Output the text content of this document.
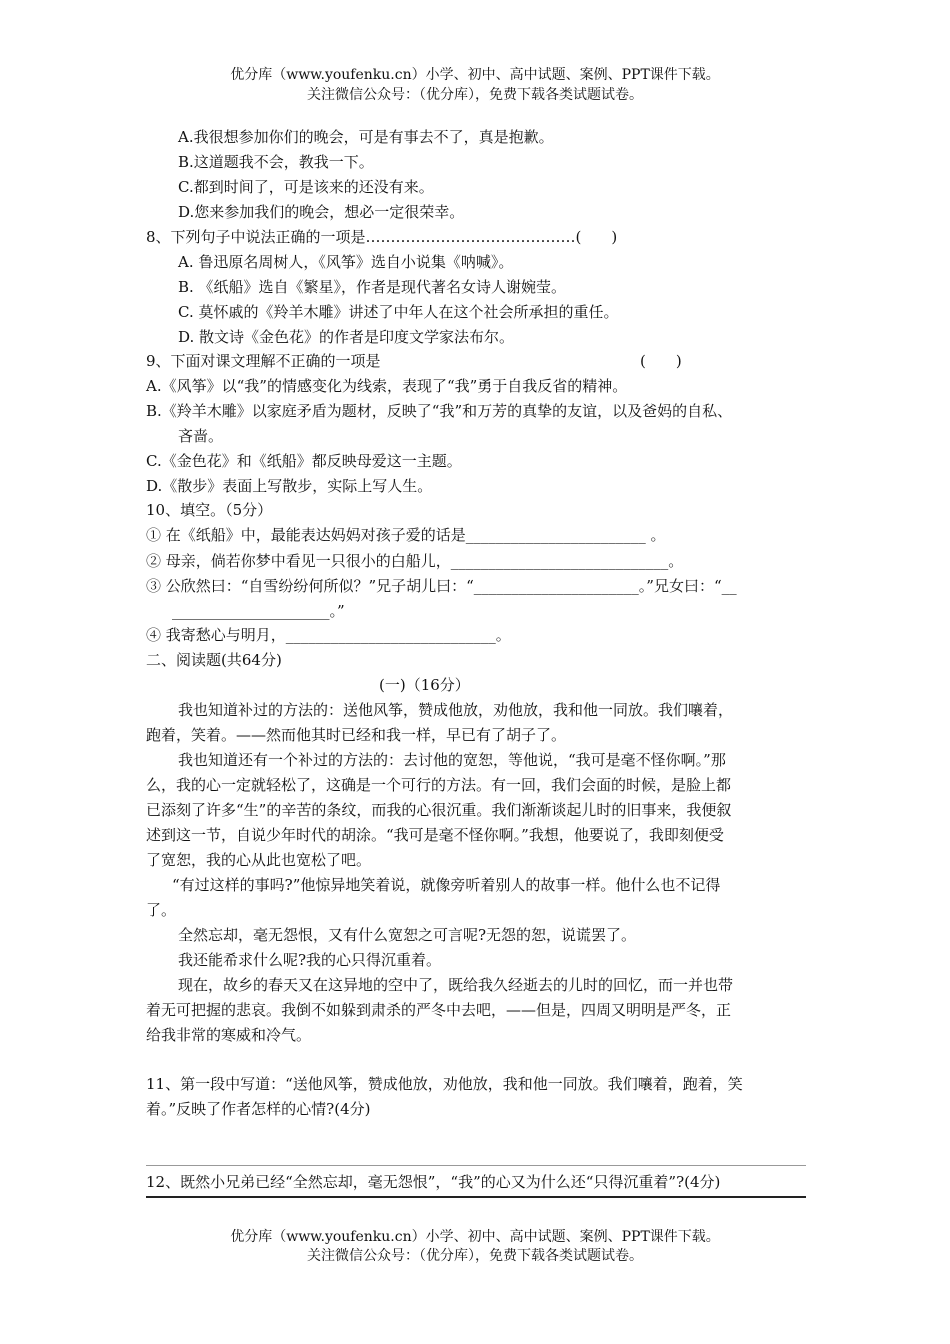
优分库（www.youfenku.cn）小学、初中、高中试题、案例、PPT课件下载。
关注微信公众号：（优分库），免费下载各类试题试卷。
A.我很想参加你们的晚会，可是有事去不了，真是抱歉。
B.这道题我不会，教我一下。
C.都到时间了，可是该来的还没有来。
D.您来参加我们的晚会，想必一定很荣幸。
8、下列句子中说法正确的一项是……………………………………(　　)
A. 鲁迅原名周树人，《风筝》选自小说集《呐喊》。
B. 《纸船》选自《繁星》，作者是现代著名女诗人谢婉莹。
C. 莫怀戚的《羚羊木雕》讲述了中年人在这个社会所承担的重任。
D. 散文诗《金色花》的作者是印度文学家法布尔。
9、下面对课文理解不正确的一项是	(　　)
A.《风筝》以“我”的情感变化为线索，表现了“我”勇于自我反省的精神。
B.《羚羊木雕》以家庭矛盾为题材，反映了“我”和万芳的真挚的友谊，以及爸妈的自私、
吝啬。
C.《金色花》和《纸船》都反映母爱这一主题。
D.《散步》表面上写散步，实际上写人生。
10、填空。（5分）
① 在《纸船》中，最能表达妈妈对孩子爱的话是________________________ 。
② 母亲，倘若你梦中看见一只很小的白船儿，_____________________________。
③ 公欣然曰：“自雪纷纷何所似？”兄子胡儿曰：“______________________。”兄女曰：“__
_____________________。”
④ 我寄愁心与明月，____________________________。
二、阅读题(共64分)
(一)（16分）
我也知道补过的方法的：送他风筝，赞成他放，劝他放，我和他一同放。我们嚷着，
跑着，笑着。——然而他其时已经和我一样，早已有了胡子了。
我也知道还有一个补过的方法的：去讨他的宽恕，等他说，“我可是毫不怪你啊。”那
么，我的心一定就轻松了，这确是一个可行的方法。有一回，我们会面的时候，是脸上都
已添刻了许多“生”的辛苦的条纹，而我的心很沉重。我们渐渐谈起儿时的旧事来，我便叙
述到这一节，自说少年时代的胡涂。“我可是毫不怪你啊。”我想，他要说了，我即刻便受
了宽恕，我的心从此也宽松了吧。
“有过这样的事吗?”他惊异地笑着说，就像旁听着别人的故事一样。他什么也不记得
了。
全然忘却，毫无怨恨，又有什么宽恕之可言呢?无怨的恕，说谎罢了。
我还能希求什么呢?我的心只得沉重着。
现在，故乡的春天又在这异地的空中了，既给我久经逝去的儿时的回忆，而一并也带
着无可把握的悲哀。我倒不如躲到肃杀的严冬中去吧，——但是，四周又明明是严冬，正
给我非常的寒威和冷气。
11、第一段中写道：“送他风筝，赞成他放，劝他放，我和他一同放。我们嚷着，跑着，笑
着。”反映了作者怎样的心情?(4分)
12、既然小兄弟已经“全然忘却，毫无怨恨”，“我”的心又为什么还“只得沉重着”?(4分)
优分库（www.youfenku.cn）小学、初中、高中试题、案例、PPT课件下载。
关注微信公众号：（优分库），免费下载各类试题试卷。
